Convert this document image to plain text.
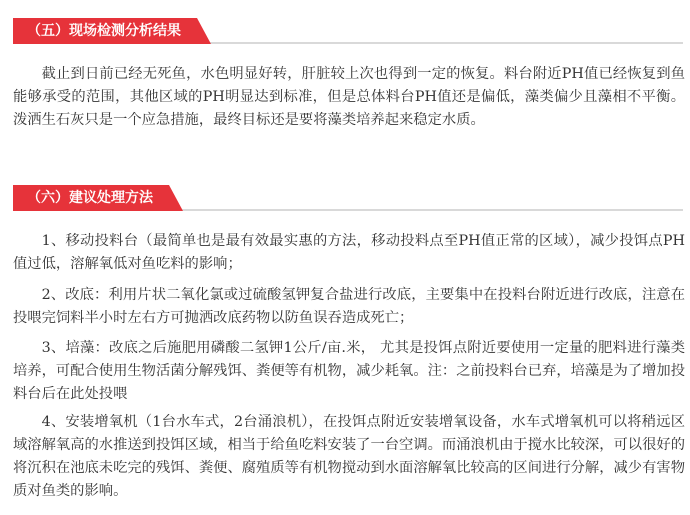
（五）现场检测分析结果

截止到日前已经无死鱼，水色明显好转，肝脏较上次也得到一定的恢复。料台附近PH值已经恢复到鱼能够承受的范围，其他区域的PH明显达到标准，但是总体料台PH值还是偏低，藻类偏少且藻相不平衡。泼洒生石灰只是一个应急措施，最终目标还是要将藻类培养起来稳定水质。

（六）建议处理方法

1、移动投料台（最简单也是最有效最实惠的方法，移动投料点至PH值正常的区域），减少投饵点PH值过低，溶解氧低对鱼吃料的影响；

2、改底：利用片状二氧化氯或过硫酸氢钾复合盐进行改底，主要集中在投料台附近进行改底，注意在投喂完饲料半小时左右方可抛洒改底药物以防鱼误吞造成死亡；

3、培藻：改底之后施肥用磷酸二氢钾1公斤/亩.米， 尤其是投饵点附近要使用一定量的肥料进行藻类培养，可配合使用生物活菌分解残饵、粪便等有机物，减少耗氧。注：之前投料台已弃，培藻是为了增加投料台后在此处投喂

4、安装增氧机（1台水车式，2台涌浪机），在投饵点附近安装增氧设备，水车式增氧机可以将稍远区域溶解氧高的水推送到投饵区域，相当于给鱼吃料安装了一台空调。而涌浪机由于搅水比较深，可以很好的将沉积在池底未吃完的残饵、粪便、腐殖质等有机物搅动到水面溶解氧比较高的区间进行分解，减少有害物质对鱼类的影响。
